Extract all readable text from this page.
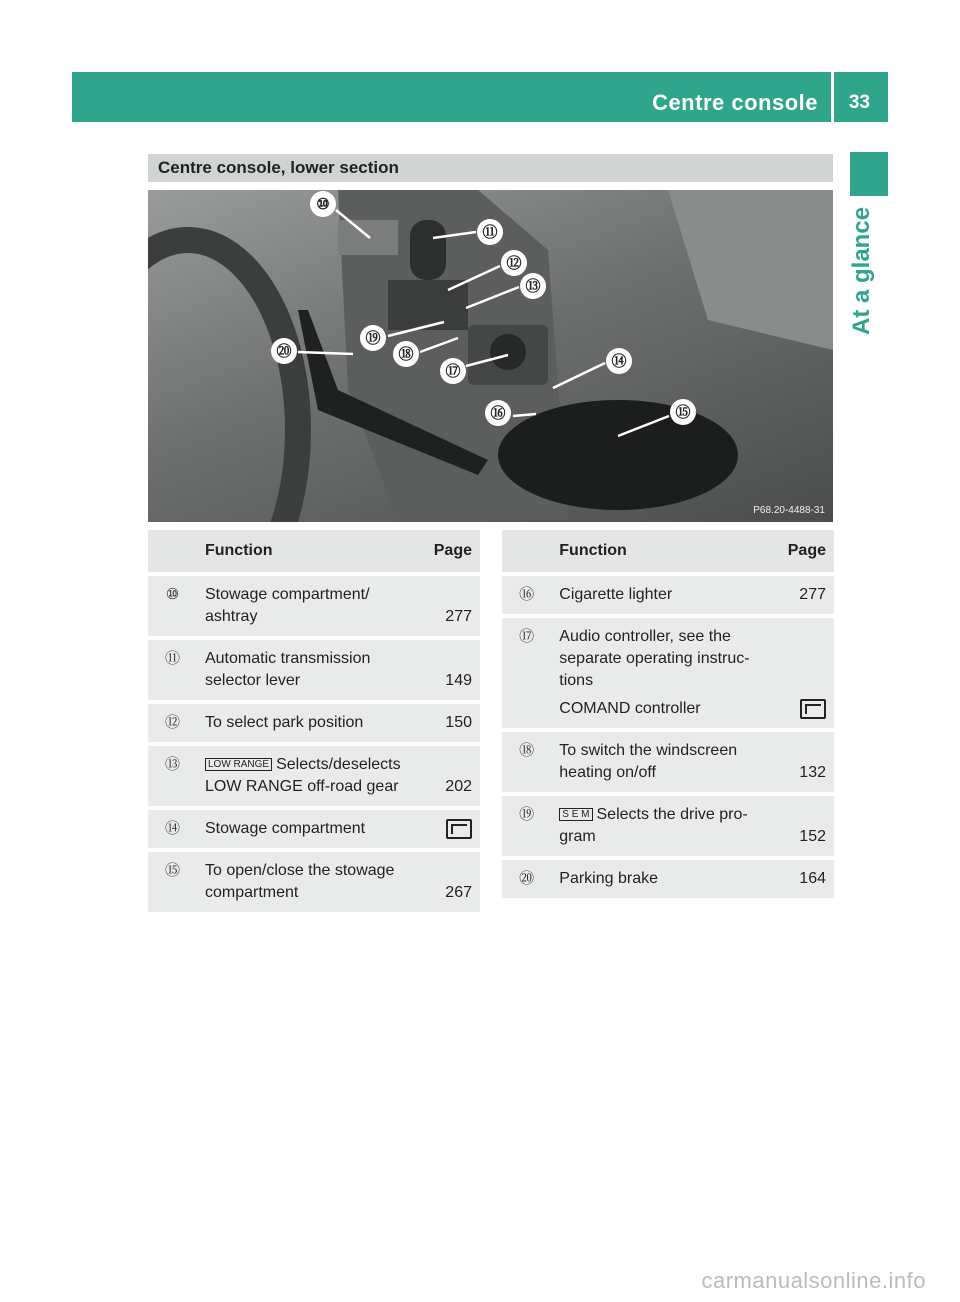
Centre console 33
At a glance
Centre console, lower section
⑩
⑪
⑫
⑬
⑭
⑮
⑯
⑰
⑱
⑲
⑳
P68.20-4488-31
	Function	Page
⑩	Stowage compartment/ ashtray	277
⑪	Automatic transmission selector lever	149
⑫	To select park position	150
⑬	LOW RANGE Selects/deselects LOW RANGE off-road gear	202
⑭	Stowage compartment	
⑮	To open/close the stowage compartment	267
	Function	Page
⑯	Cigarette lighter	277
⑰	Audio controller, see the separate operating instruc- tions
COMAND controller	

⑱	To switch the windscreen heating on/off	132
⑲	S E M Selects the drive pro- gram	152
⑳	Parking brake	164
carmanualsonline.info
